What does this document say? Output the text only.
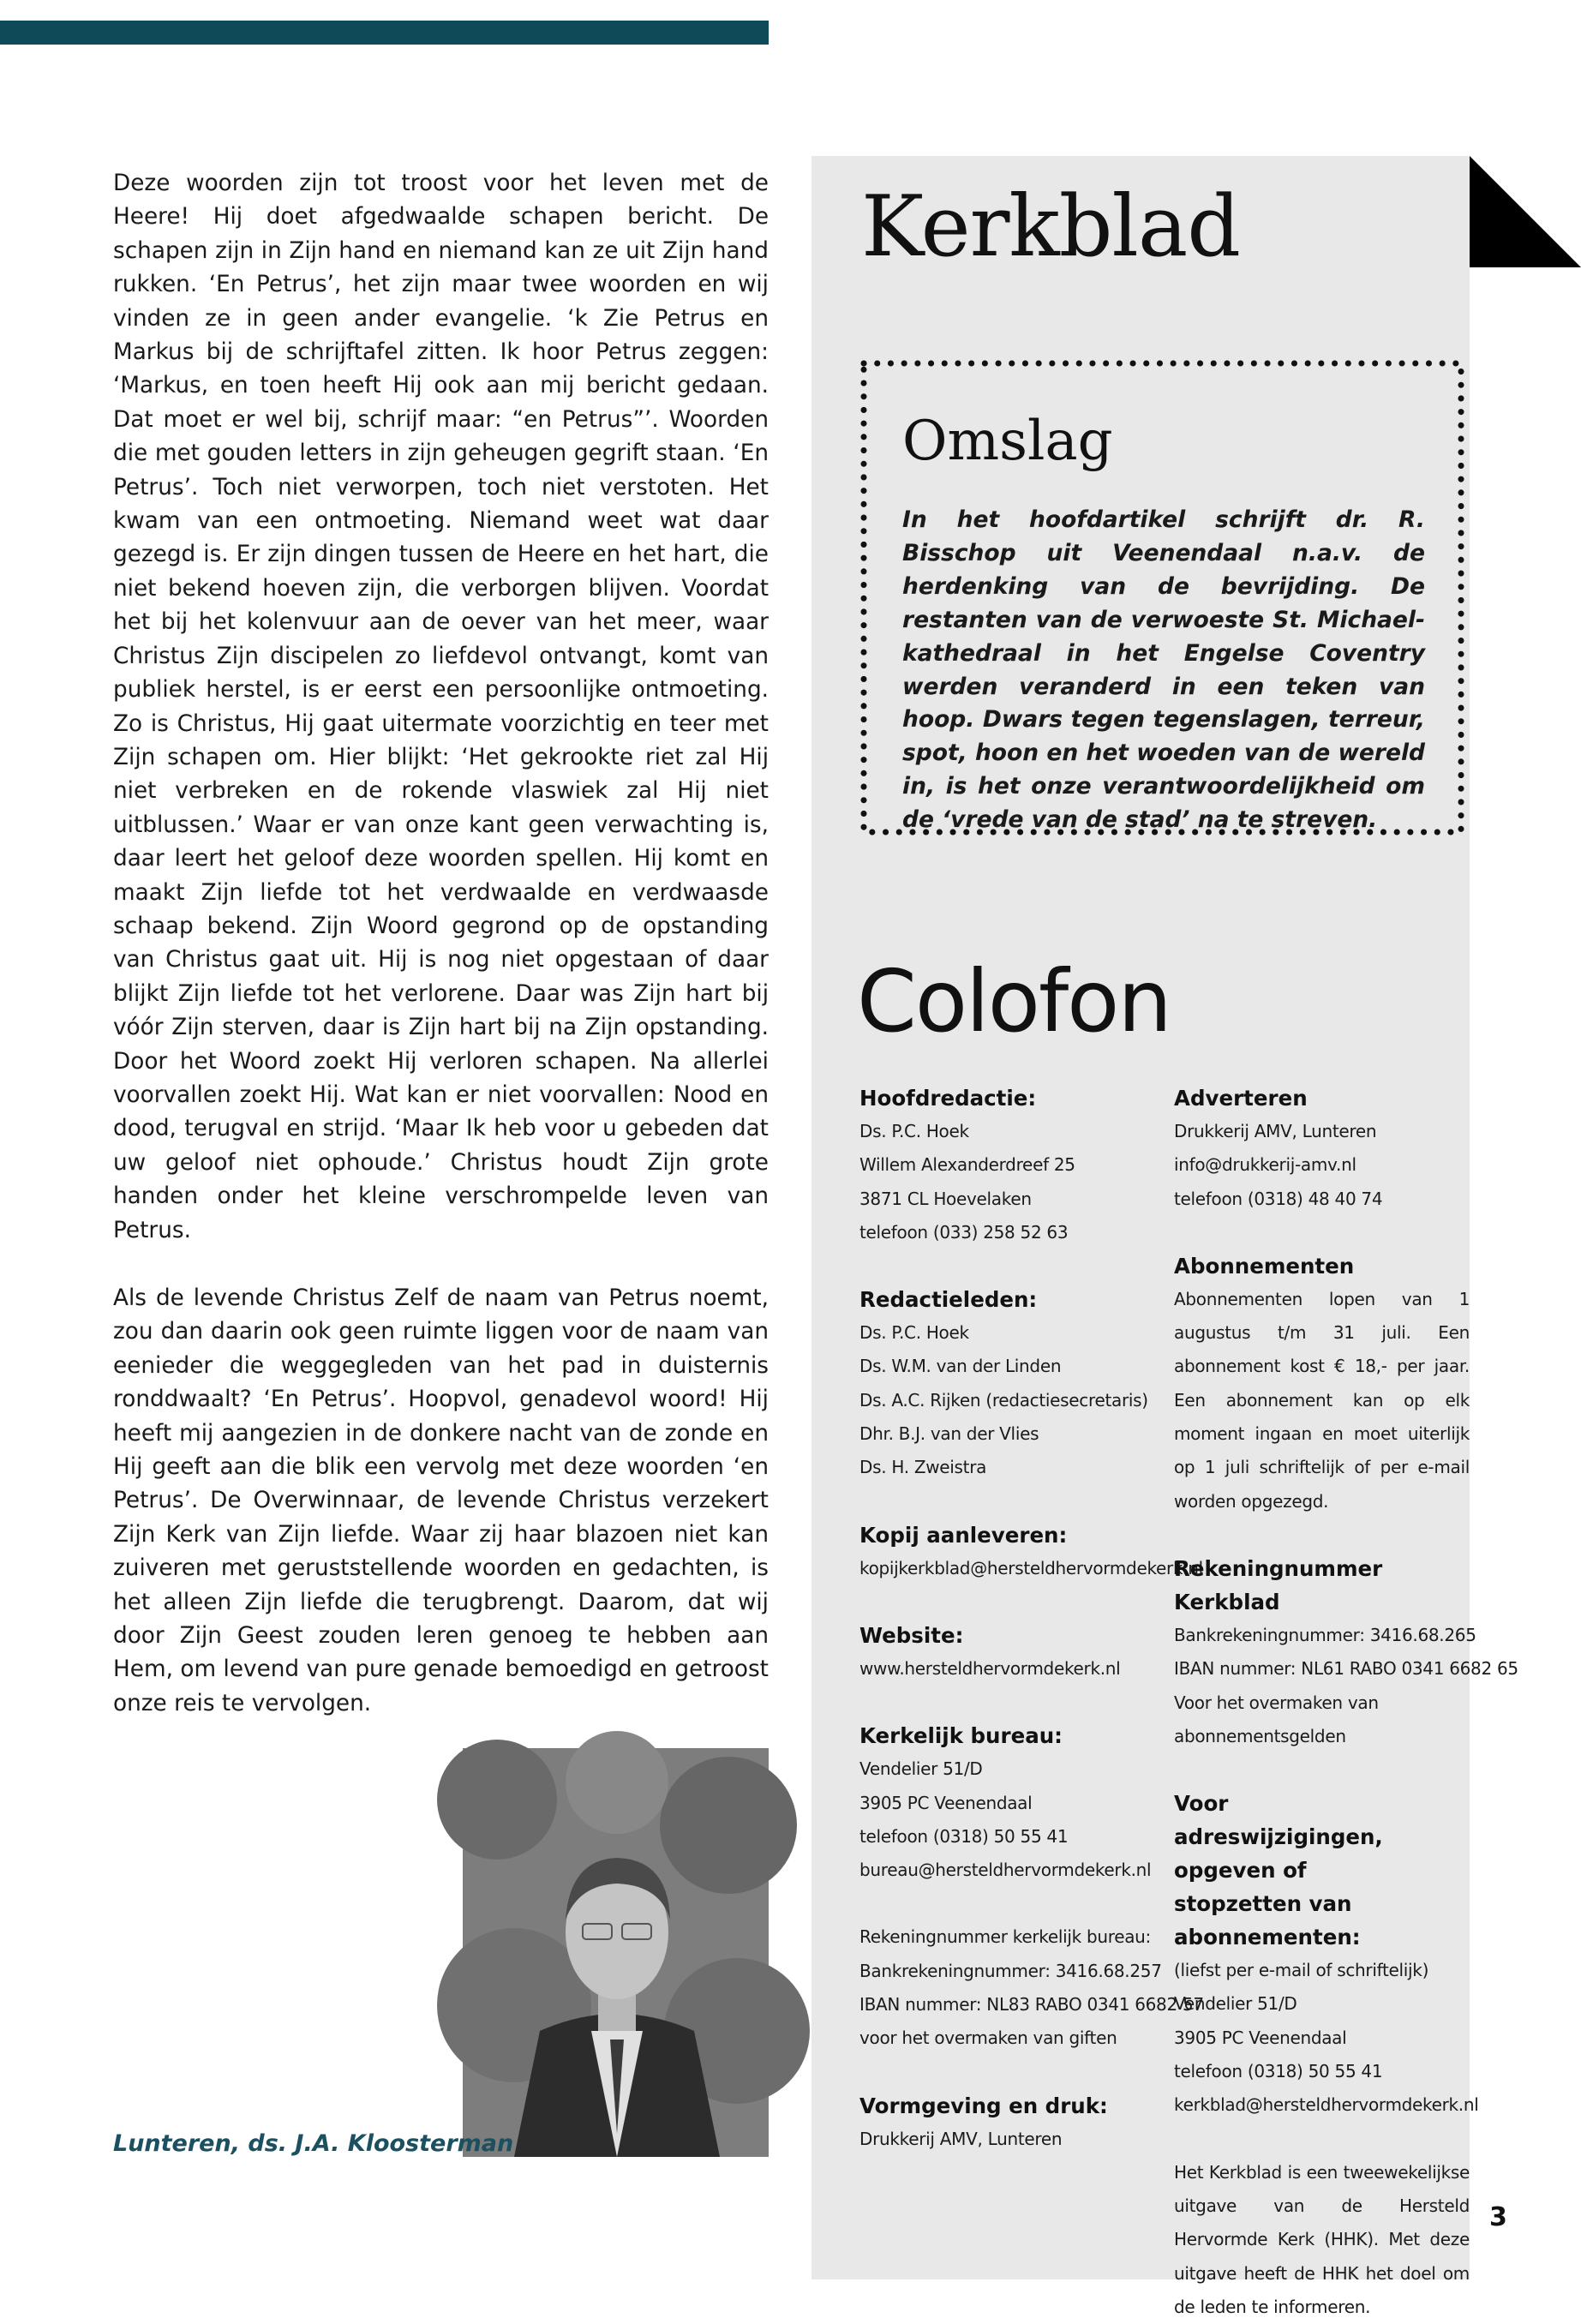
Deze woorden zijn tot troost voor het leven met de Heere! Hij doet afgedwaalde schapen bericht. De schapen zijn in Zijn hand en niemand kan ze uit Zijn hand rukken. ‘En Petrus’, het zijn maar twee woorden en wij vinden ze in geen ander evangelie. ‘k Zie Petrus en Markus bij de schrijftafel zitten. Ik hoor Petrus zeggen: ‘Markus, en toen heeft Hij ook aan mij bericht gedaan. Dat moet er wel bij, schrijf maar: “en Petrus”’. Woorden die met gouden letters in zijn geheugen gegrift staan. ‘En Petrus’. Toch niet verworpen, toch niet verstoten. Het kwam van een ontmoeting. Niemand weet wat daar gezegd is. Er zijn dingen tussen de Heere en het hart, die niet bekend hoeven zijn, die verborgen blijven. Voordat het bij het kolenvuur aan de oever van het meer, waar Christus Zijn discipelen zo liefdevol ontvangt, komt van publiek herstel, is er eerst een persoonlijke ontmoeting. Zo is Christus, Hij gaat uitermate voorzichtig en teer met Zijn schapen om. Hier blijkt: ‘Het gekrookte riet zal Hij niet verbreken en de rokende vlaswiek zal Hij niet uitblussen.’ Waar er van onze kant geen verwachting is, daar leert het geloof deze woorden spellen. Hij komt en maakt Zijn liefde tot het verdwaalde en verdwaasde schaap bekend. Zijn Woord gegrond op de opstanding van Christus gaat uit. Hij is nog niet opgestaan of daar blijkt Zijn liefde tot het verlorene. Daar was Zijn hart bij vóór Zijn sterven, daar is Zijn hart bij na Zijn opstanding. Door het Woord zoekt Hij verloren schapen. Na allerlei voorvallen zoekt Hij. Wat kan er niet voorvallen: Nood en dood, terugval en strijd. ‘Maar Ik heb voor u gebeden dat uw geloof niet ophoude.’ Christus houdt Zijn grote handen onder het kleine verschrompelde leven van Petrus.

Als de levende Christus Zelf de naam van Petrus noemt, zou dan daarin ook geen ruimte liggen voor de naam van eenieder die weggegleden van het pad in duisternis ronddwaalt? ‘En Petrus’. Hoopvol, genadevol woord! Hij heeft mij aangezien in de donkere nacht van de zonde en Hij geeft aan die blik een vervolg met deze woorden ‘en Petrus’. De Overwinnaar, de levende Christus verzekert Zijn Kerk van Zijn liefde. Waar zij haar blazoen niet kan zuiveren met geruststellende woorden en gedachten, is het alleen Zijn liefde die terugbrengt. Daarom, dat wij door Zijn Geest zouden leren genoeg te hebben aan Hem, om levend van pure genade bemoedigd en getroost onze reis te vervolgen.

Lunteren, ds. J.A. Kloosterman
Kerkblad
Omslag
In het hoofdartikel schrijft dr. R. Bisschop uit Veenendaal n.a.v. de herdenking van de bevrijding. De restanten van de verwoeste St. Michael-kathedraal in het Engelse Coventry werden veranderd in een teken van hoop. Dwars tegen tegenslagen, terreur, spot, hoon en het woeden van de wereld in, is het onze verantwoordelijkheid om de ‘vrede van de stad’ na te streven.
Colofon
Hoofdredactie:
Ds. P.C. Hoek
Willem Alexanderdreef 25
3871 CL Hoevelaken
telefoon (033) 258 52 63
Redactieleden:
Ds. P.C. Hoek
Ds. W.M. van der Linden
Ds. A.C. Rijken (redactiesecretaris)
Dhr. B.J. van der Vlies
Ds. H. Zweistra
Kopij aanleveren:
kopijkerkblad@hersteldhervormdekerk.nl
Website:
www.hersteldhervormdekerk.nl
Kerkelijk bureau:
Vendelier 51/D
3905 PC Veenendaal
telefoon (0318) 50 55 41
bureau@hersteldhervormdekerk.nl
Rekeningnummer kerkelijk bureau:
Bankrekeningnummer: 3416.68.257
IBAN nummer: NL83 RABO 0341 6682 57
voor het overmaken van giften
Vormgeving en druk:
Drukkerij AMV, Lunteren
Adverteren
Drukkerij AMV, Lunteren
info@drukkerij-amv.nl
telefoon (0318) 48 40 74
Abonnementen
Abonnementen lopen van 1 augustus t/m 31 juli. Een abonnement kost € 18,- per jaar. Een abonnement kan op elk moment ingaan en moet uiterlijk op 1 juli schriftelijk of per e-mail worden opgezegd.
Rekeningnummer Kerkblad
Bankrekeningnummer: 3416.68.265
IBAN nummer: NL61 RABO 0341 6682 65
Voor het overmaken van
abonnementsgelden
Voor adreswijzigingen, opgeven of stopzetten van abonnementen:
(liefst per e-mail of schriftelijk)
Vendelier 51/D
3905 PC Veenendaal
telefoon (0318) 50 55 41
kerkblad@hersteldhervormdekerk.nl
Het Kerkblad is een tweewekelijkse uitgave van de Hersteld Hervormde Kerk (HHK). Met deze uitgave heeft de HHK het doel om de leden te informeren.
3
